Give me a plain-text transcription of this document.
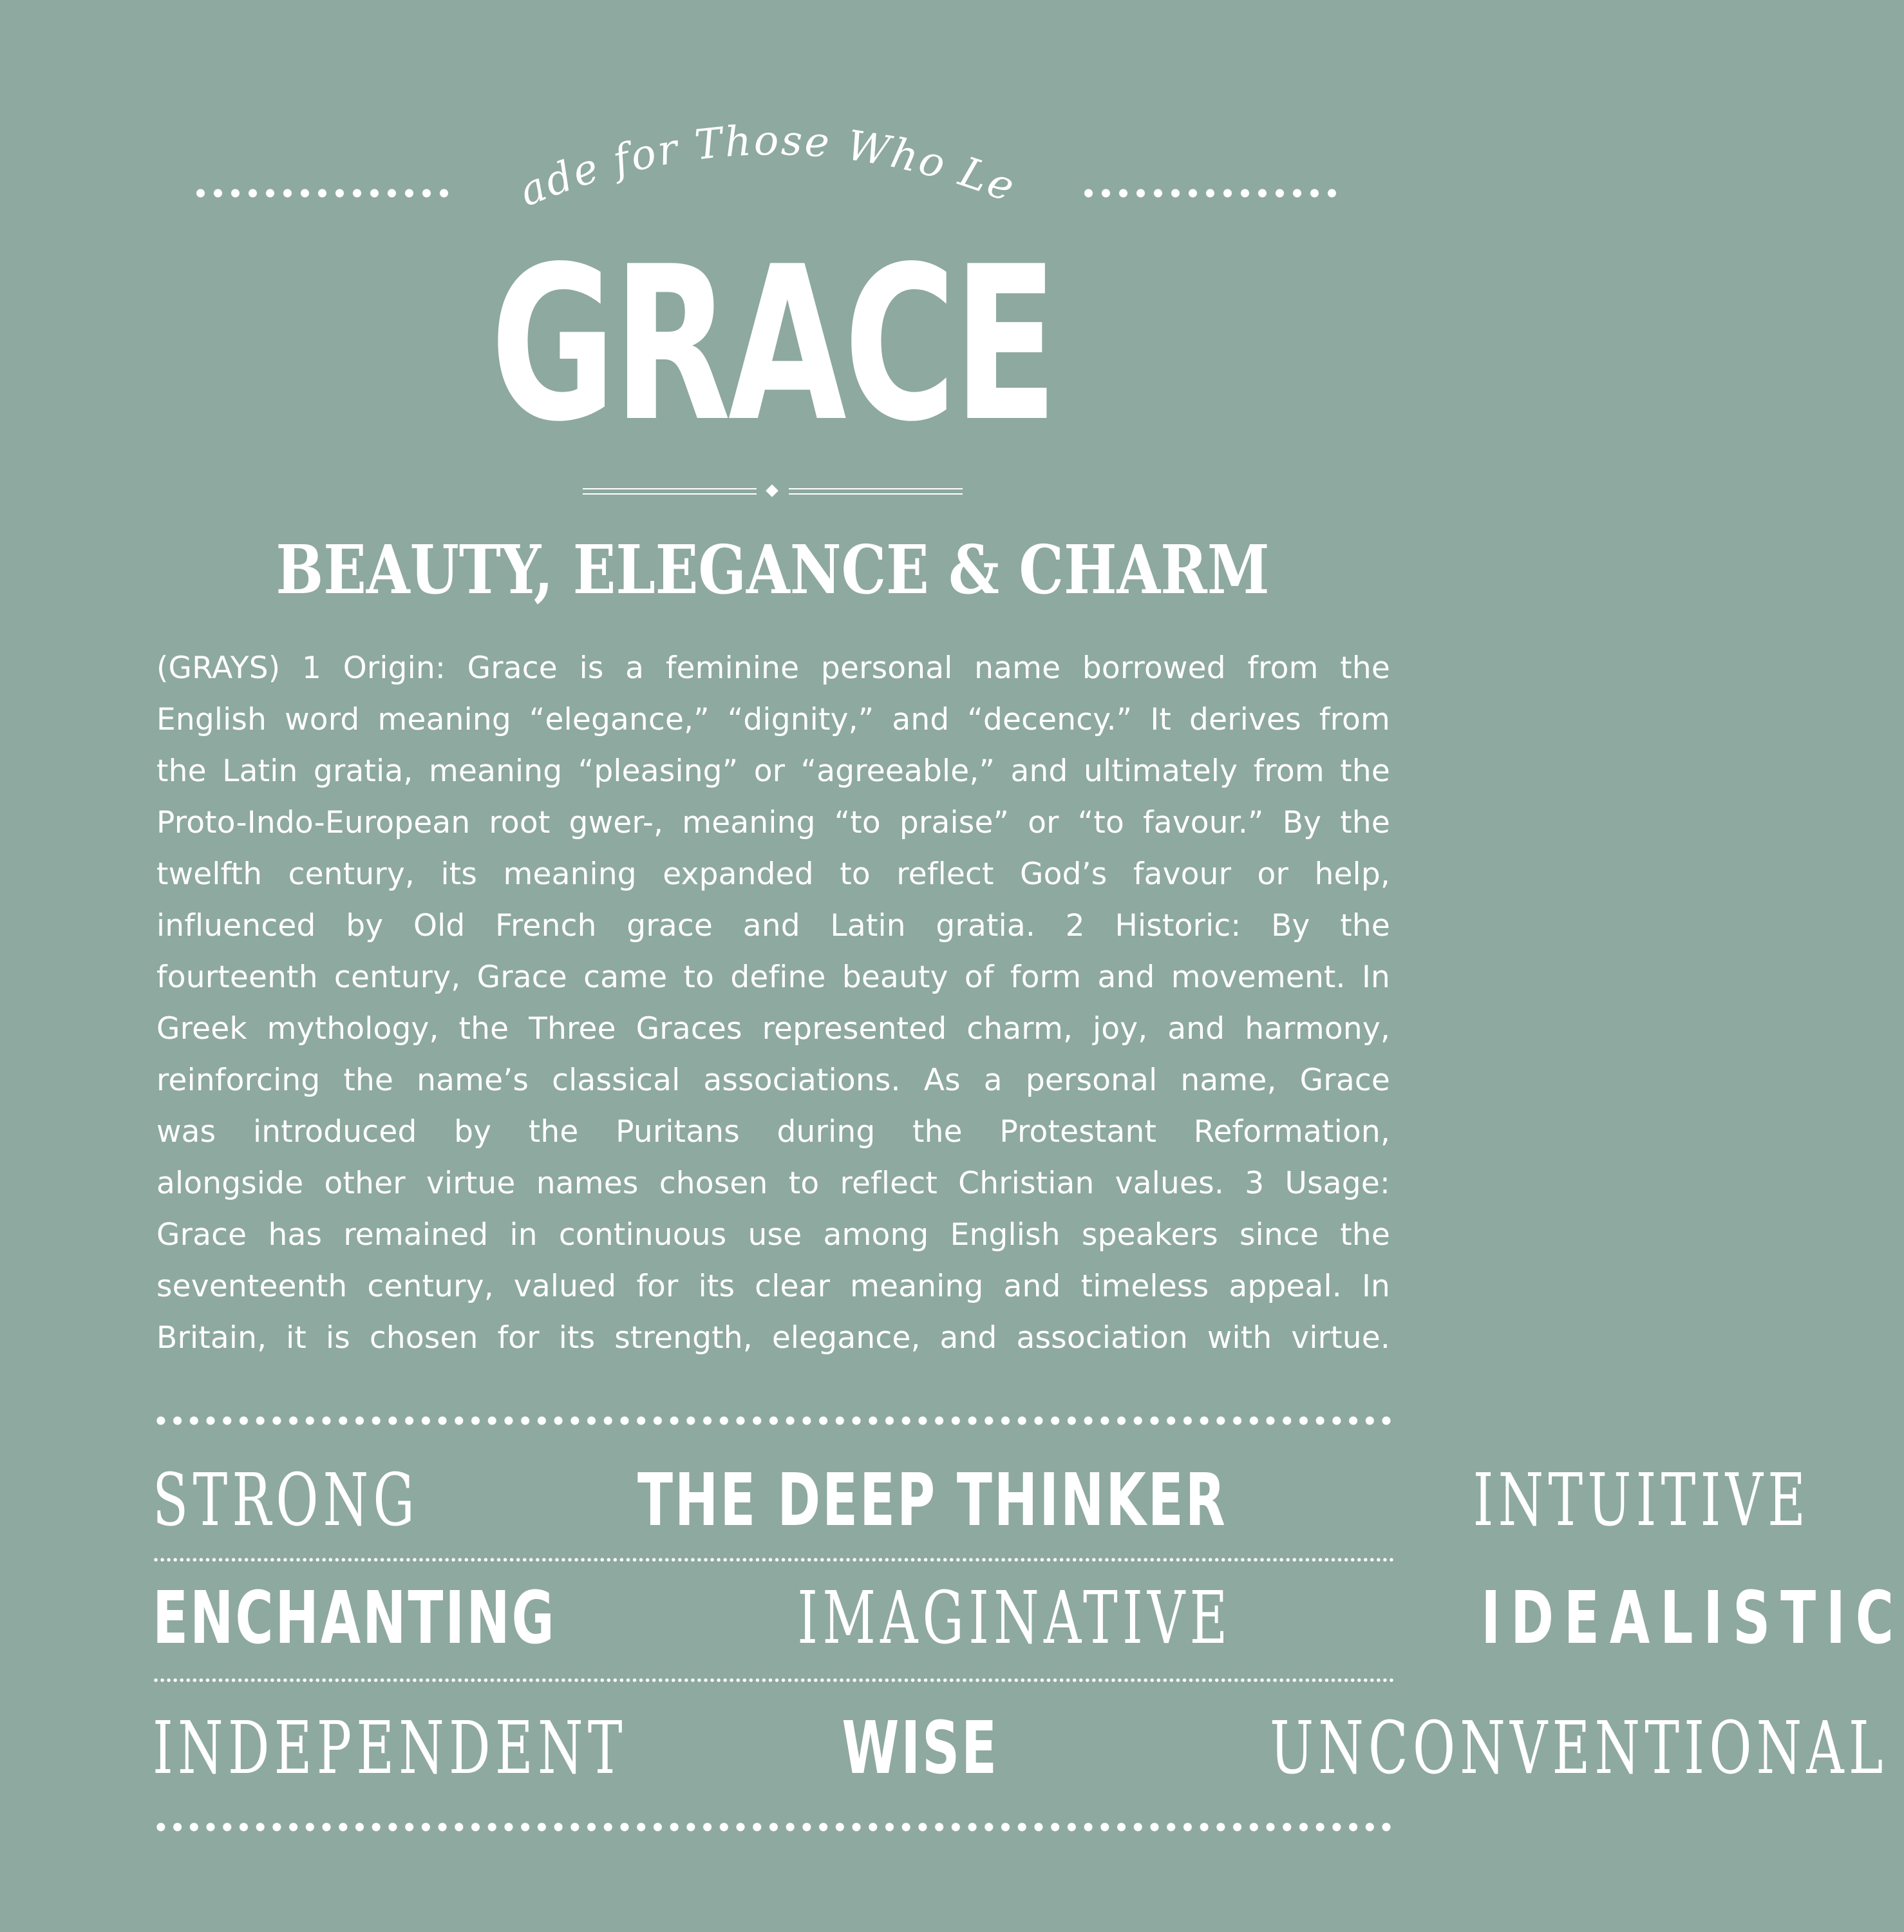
Made for Those Who Lead
GRACE
BEAUTY, ELEGANCE & CHARM

(GRAYS) 1 Origin: Grace is a feminine personal name borrowed from the
English word meaning “elegance,” “dignity,” and “decency.” It derives from
the Latin gratia, meaning “pleasing” or “agreeable,” and ultimately from the
Proto-Indo-European root gwer-, meaning “to praise” or “to favour.” By the
twelfth century, its meaning expanded to reflect God’s favour or help,
influenced by Old French grace and Latin gratia. 2 Historic: By the
fourteenth century, Grace came to define beauty of form and movement. In
Greek mythology, the Three Graces represented charm, joy, and harmony,
reinforcing the name’s classical associations. As a personal name, Grace
was introduced by the Puritans during the Protestant Reformation,
alongside other virtue names chosen to reflect Christian values. 3 Usage:
Grace has remained in continuous use among English speakers since the
seventeenth century, valued for its clear meaning and timeless appeal. In
Britain, it is chosen for its strength, elegance, and association with virtue.

STRONG	THE DEEP THINKER	INTUITIVE
ENCHANTING	IMAGINATIVE	IDEALISTIC
INDEPENDENT	WISE	UNCONVENTIONAL
